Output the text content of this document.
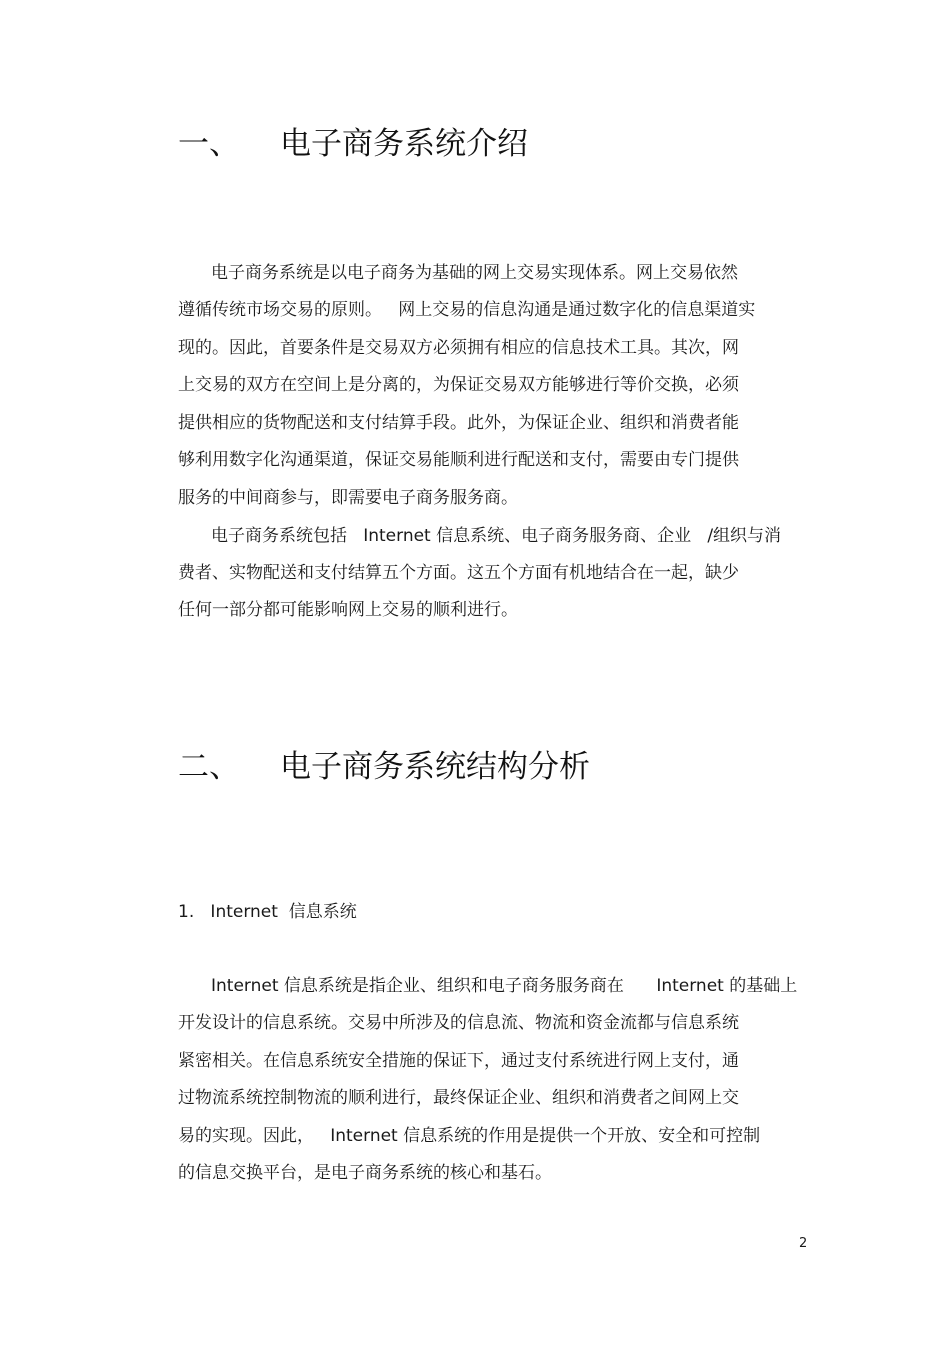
一、 电子商务系统介绍
电子商务系统是以电子商务为基础的网上交易实现体系。网上交易依然
遵循传统市场交易的原则。   网上交易的信息沟通是通过数字化的信息渠道实
现的。因此，首要条件是交易双方必须拥有相应的信息技术工具。其次，网
上交易的双方在空间上是分离的，为保证交易双方能够进行等价交换，必须
提供相应的货物配送和支付结算手段。此外，为保证企业、组织和消费者能
够利用数字化沟通渠道，保证交易能顺利进行配送和支付，需要由专门提供
服务的中间商参与，即需要电子商务服务商。
电子商务系统包括   Internet 信息系统、电子商务服务商、企业   /组织与消
费者、实物配送和支付结算五个方面。这五个方面有机地结合在一起，缺少
任何一部分都可能影响网上交易的顺利进行。
二、 电子商务系统结构分析
1.   Internet  信息系统
Internet 信息系统是指企业、组织和电子商务服务商在      Internet 的基础上
开发设计的信息系统。交易中所涉及的信息流、物流和资金流都与信息系统
紧密相关。在信息系统安全措施的保证下，通过支付系统进行网上支付，通
过物流系统控制物流的顺利进行，最终保证企业、组织和消费者之间网上交
易的实现。因此，   Internet 信息系统的作用是提供一个开放、安全和可控制
的信息交换平台，是电子商务系统的核心和基石。
2
